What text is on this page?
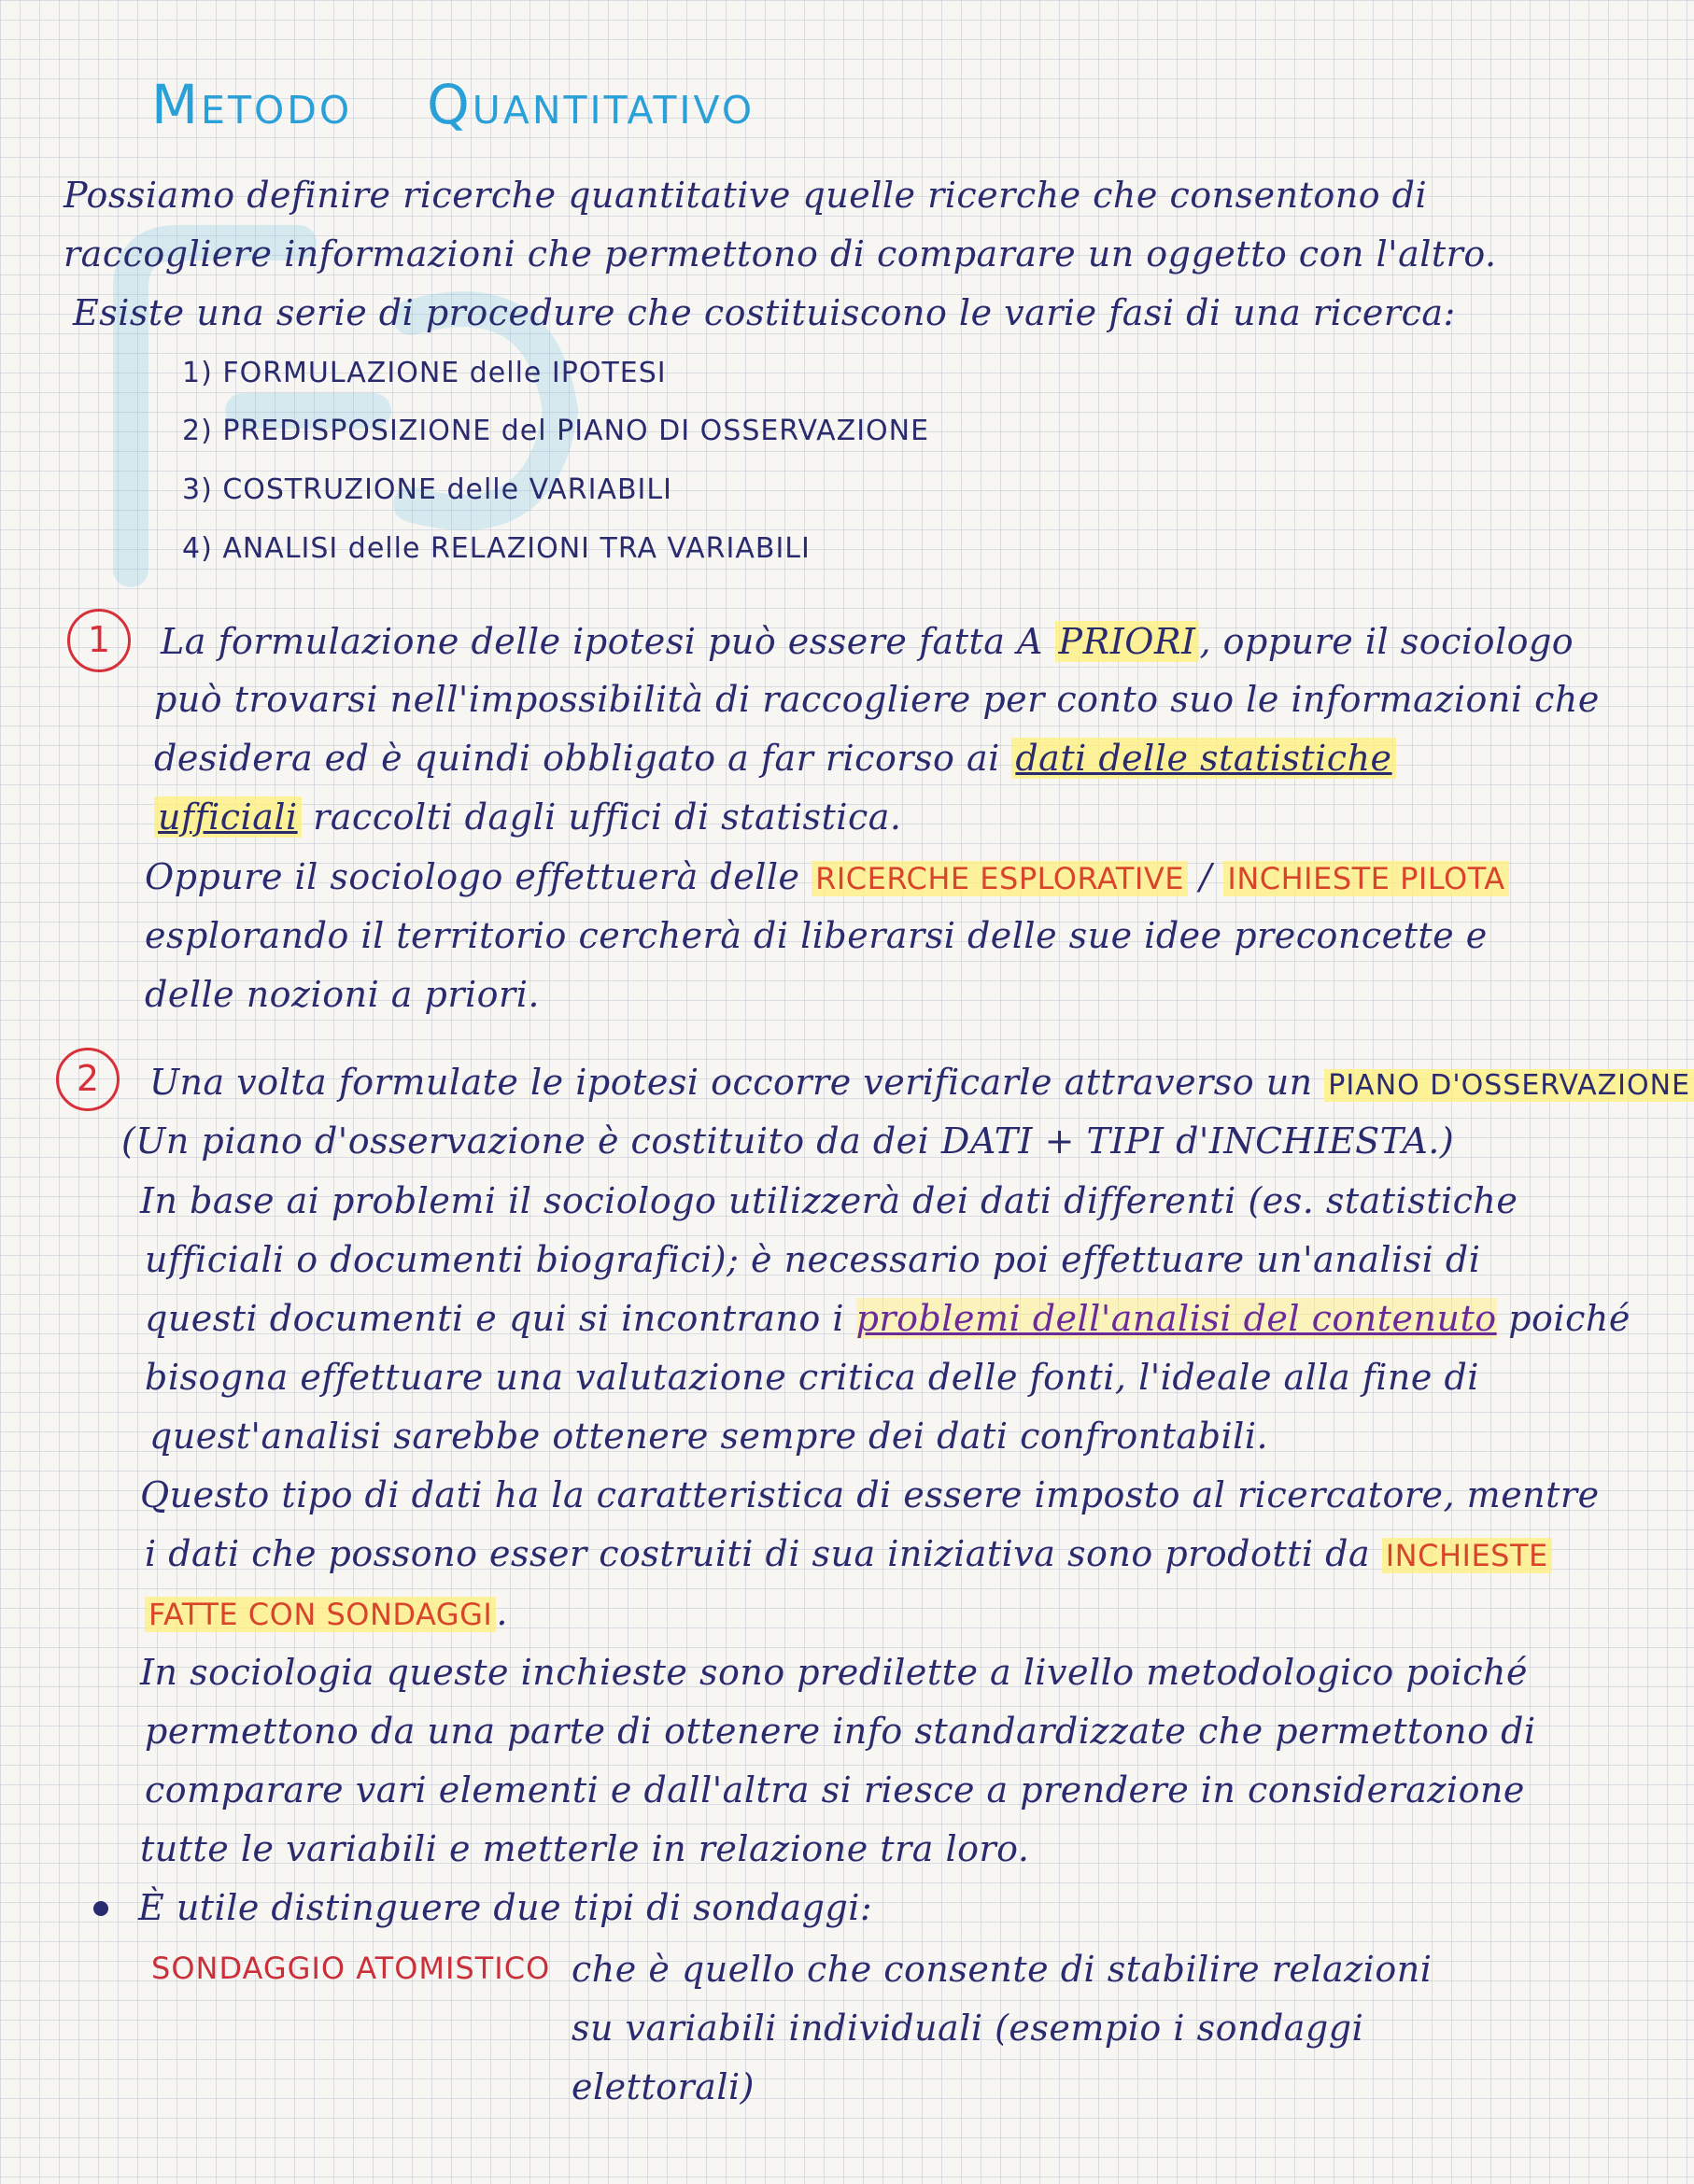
Metodo Quantitativo
Possiamo definire ricerche quantitative quelle ricerche che consentono di
raccogliere informazioni che permettono di comparare un oggetto con l'altro.
Esiste una serie di procedure che costituiscono le varie fasi di una ricerca:
1) FORMULAZIONE delle IPOTESI
2) PREDISPOSIZIONE del PIANO DI OSSERVAZIONE
3) COSTRUZIONE delle VARIABILI
4) ANALISI delle RELAZIONI TRA VARIABILI
1	La formulazione delle ipotesi può essere fatta A PRIORI , oppure il sociologo
può trovarsi nell'impossibilità di raccogliere per conto suo le informazioni che
desidera ed è quindi obbligato a far ricorso ai dati delle statistiche
ufficiali raccolti dagli uffici di statistica.
Oppure il sociologo effettuerà delle RICERCHE ESPLORATIVE / INCHIESTE PILOTA
esplorando il territorio cercherà di liberarsi delle sue idee preconcette e
delle nozioni a priori.
2	Una volta formulate le ipotesi occorre verificarle attraverso un PIANO D'OSSERVAZIONE
(Un piano d'osservazione è costituito da dei DATI + TIPI d'INCHIESTA.)
In base ai problemi il sociologo utilizzerà dei dati differenti (es. statistiche
ufficiali o documenti biografici); è necessario poi effettuare un'analisi di
questi documenti e qui si incontrano i problemi dell'analisi del contenuto poiché
bisogna effettuare una valutazione critica delle fonti, l'ideale alla fine di
quest'analisi sarebbe ottenere sempre dei dati confrontabili.
Questo tipo di dati ha la caratteristica di essere imposto al ricercatore, mentre
i dati che possono esser costruiti di sua iniziativa sono prodotti da INCHIESTE
FATTE CON SONDAGGI .
In sociologia queste inchieste sono predilette a livello metodologico poiché
permettono da una parte di ottenere info standardizzate che permettono di
comparare vari elementi e dall'altra si riesce a prendere in considerazione
tutte le variabili e metterle in relazione tra loro.
È utile distinguere due tipi di sondaggi:
SONDAGGIO ATOMISTICO che è quello che consente di stabilire relazioni
su variabili individuali (esempio i sondaggi
elettorali)
